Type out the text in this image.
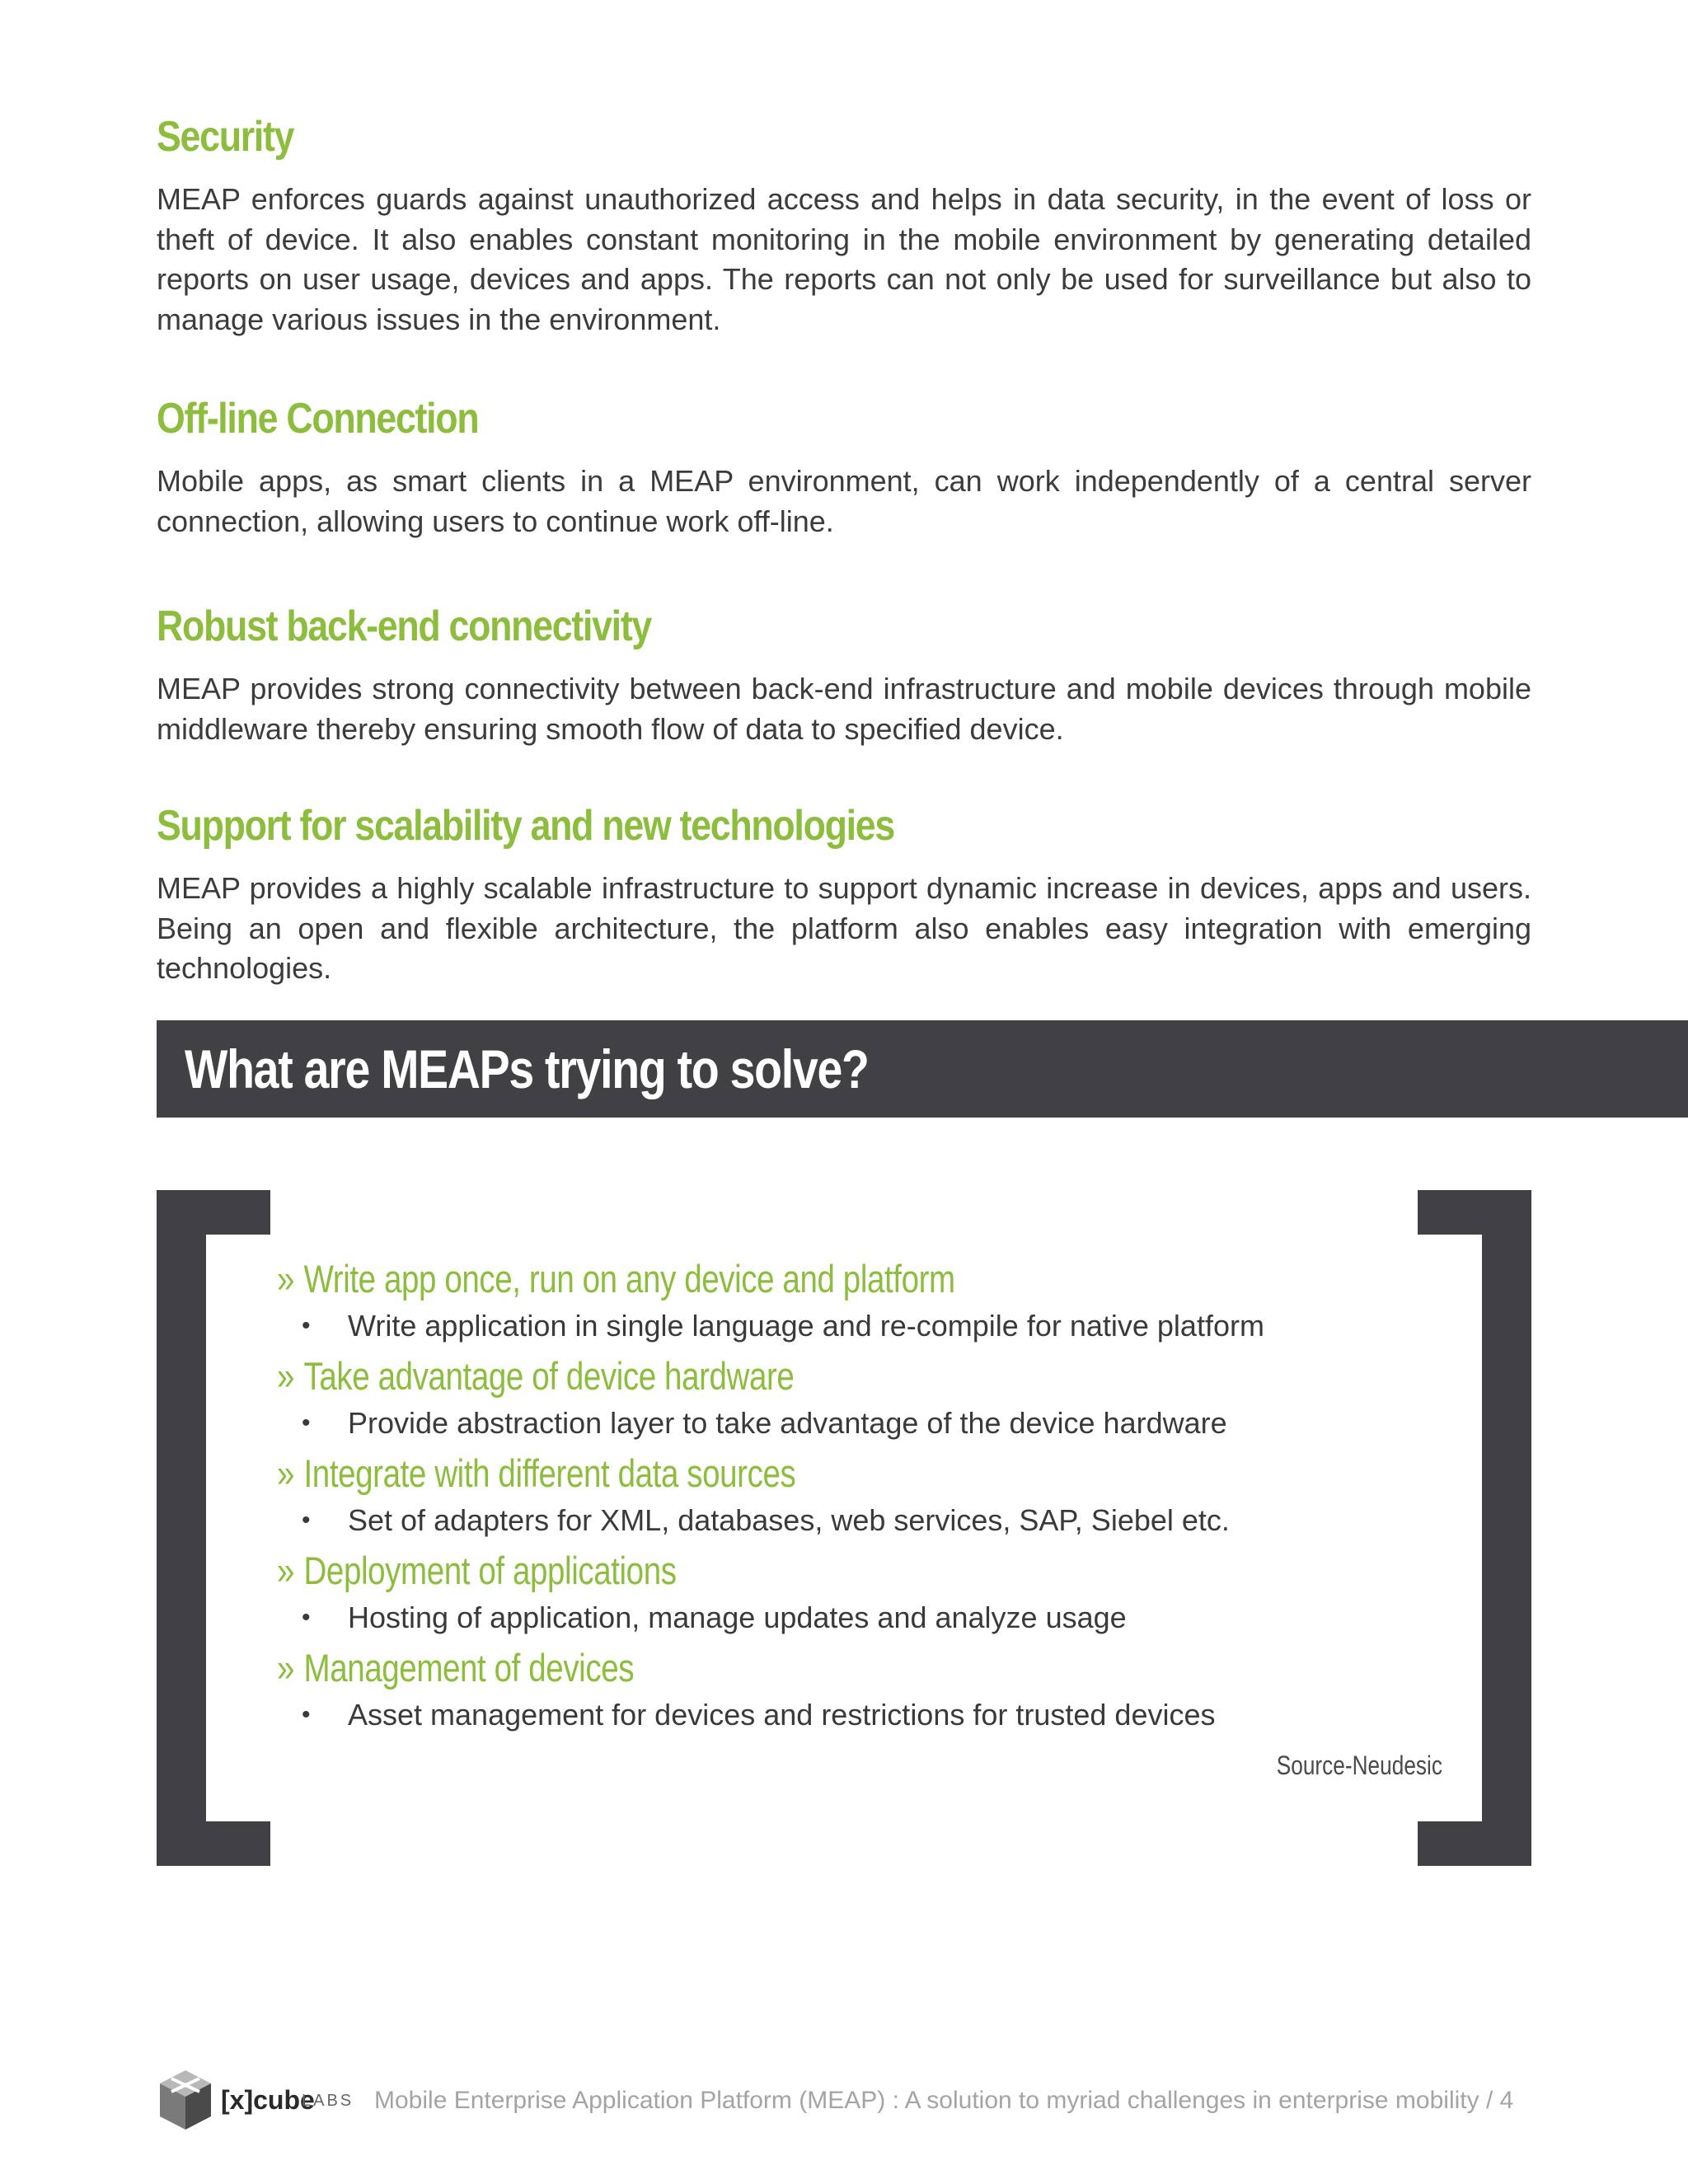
Security

MEAP enforces guards against unauthorized access and helps in data security, in the event of loss or theft of device. It also enables constant monitoring in the mobile environment by generating detailed reports on user usage, devices and apps. The reports can not only be used for surveillance but also to manage various issues in the environment.

Off-line Connection

Mobile apps, as smart clients in a MEAP environment, can work independently of a central server connection, allowing users to continue work off-line.

Robust back-end connectivity

MEAP provides strong connectivity between back-end infrastructure and mobile devices through mobile middleware thereby ensuring smooth flow of data to specified device.

Support for scalability and new technologies

MEAP provides a highly scalable infrastructure to support dynamic increase in devices, apps and users. Being an open and flexible architecture, the platform also enables easy integration with emerging technologies.

What are MEAPs trying to solve?

» Write app once, run on any device and platform

• Write application in single language and re-compile for native platform

» Take advantage of device hardware

• Provide abstraction layer to take advantage of the device hardware

» Integrate with different data sources

• Set of adapters for XML, databases, web services, SAP, Siebel etc.

» Deployment of applications

• Hosting of application, manage updates and analyze usage

» Management of devices

• Asset management for devices and restrictions for trusted devices

Source-Neudesic
[x]cube
LABS Mobile Enterprise Application Platform (MEAP) : A solution to myriad challenges in enterprise mobility / 4
